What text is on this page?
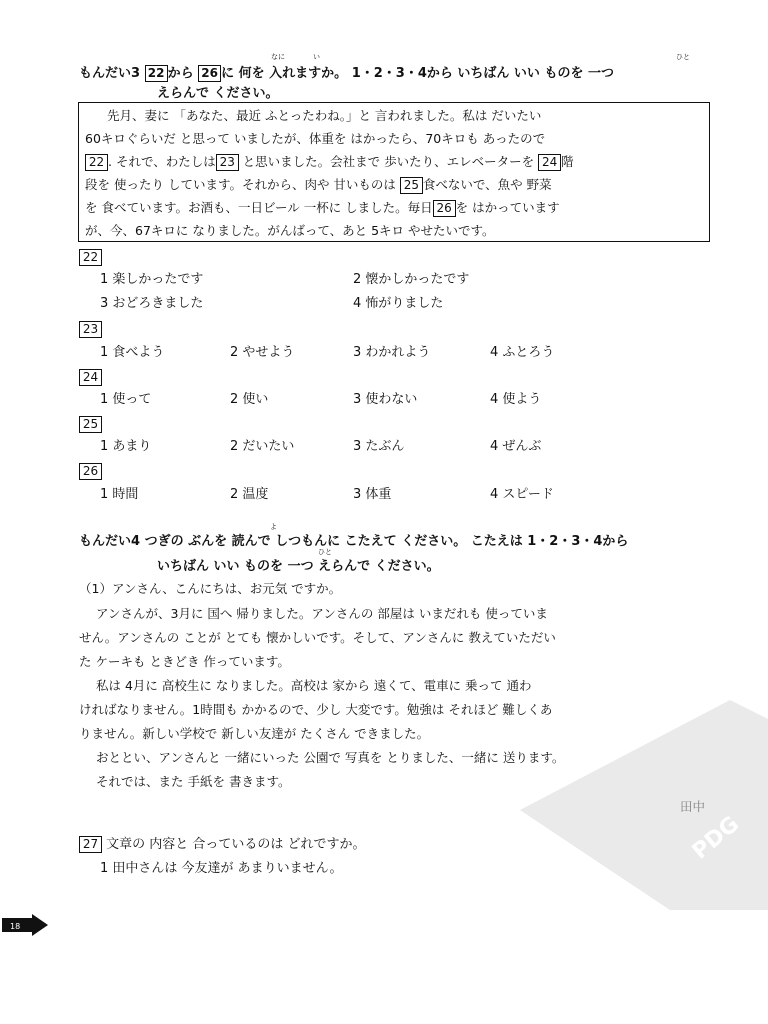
もんだい3 22 から 26 に 何を 入れますか。 1・2・3・4から いちばん いい ものを 一つ
なに	い	ひと
えらんで ください。
先月、妻に 「あなた、最近 ふとったわね。」と 言われました。私は だいたい
60キロぐらいだ と思って いましたが、体重を はかったら、70キロも あったので
22 . それで、わたしは 23 と思いました。会社まで 歩いたり、エレベーターを 24 階
段を 使ったり しています。それから、肉や 甘いものは 25 食べないで、魚や 野菜
を 食べています。お酒も、一日ビール 一杯に しました。毎日 26 を はかっています
が、今、67キロに なりました。がんばって、あと 5キロ やせたいです。
22
1 楽しかったです	2 懐かしかったです
3 おどろきました	4 怖がりました
23
1 食べよう	2 やせよう	3 わかれよう	4 ふとろう
24
1 使って	2 使い	3 使わない	4 使よう
25
1 あまり	2 だいたい	3 たぶん	4 ぜんぶ
26
1 時間	2 温度	3 体重	4 スピード
よ
もんだい4 つぎの ぶんを 読んで しつもんに こたえて ください。 こたえは 1・2・3・4から
ひと
いちばん いい ものを 一つ えらんで ください。
（1）アンさん、こんにちは、お元気 ですか。
アンさんが、3月に 国へ 帰りました。アンさんの 部屋は いまだれも 使っていま
せん。アンさんの ことが とても 懐かしいです。そして、アンさんに 教えていただい
た ケーキも ときどき 作っています。
私は 4月に 高校生に なりました。高校は 家から 遠くて、電車に 乗って 通わ
ければなりません。1時間も かかるので、少し 大変です。勉強は それほど 難しくあ
りません。新しい学校で 新しい友達が たくさん できました。
おととい、アンさんと 一緒にいった 公園で 写真を とりました、一緒に 送ります。
それでは、また 手紙を 書きます。
27 文章の 内容と 合っているのは どれですか。
1 田中さんは 今友達が あまりいません。
PDG
18
